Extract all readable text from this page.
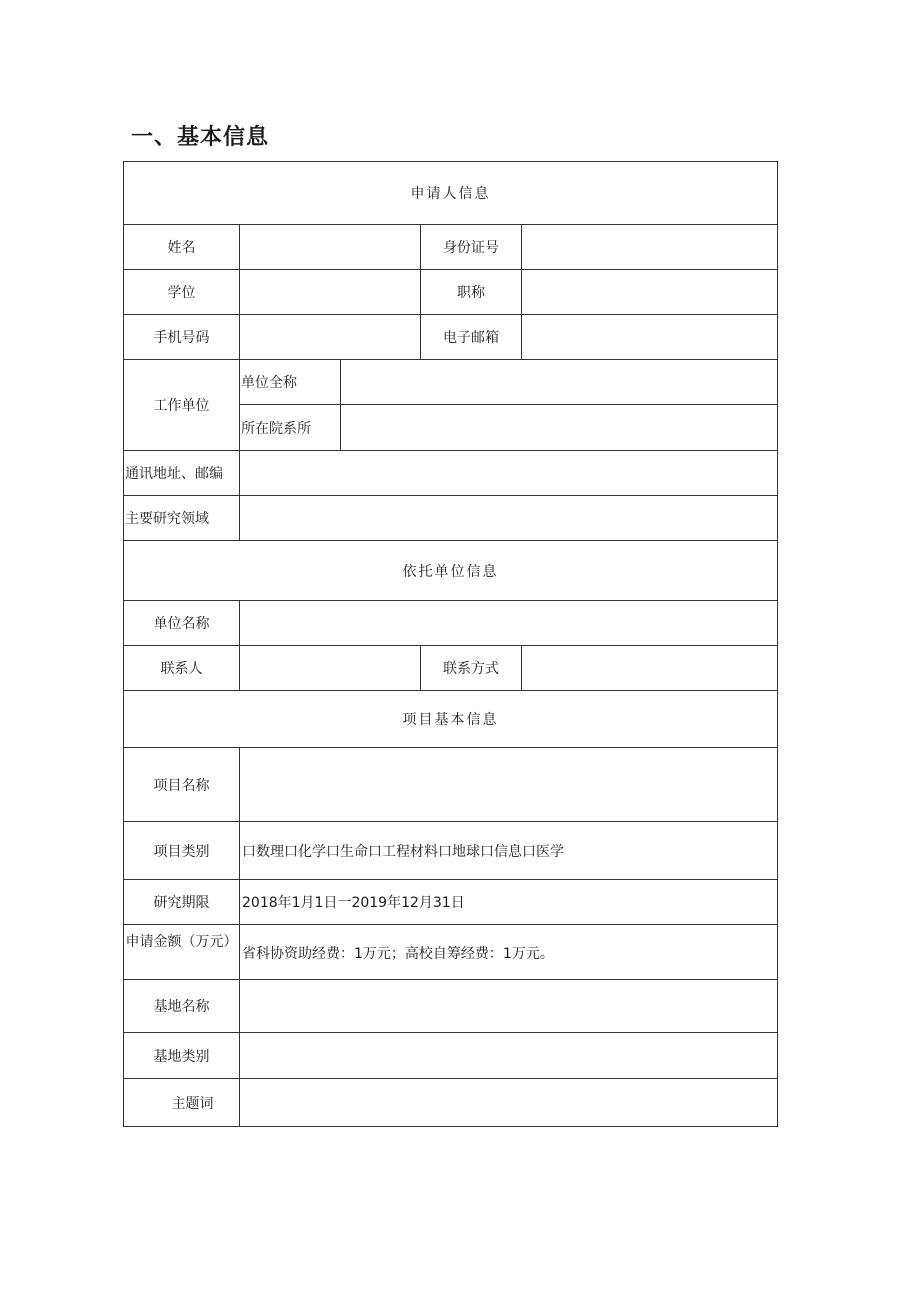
一、基本信息
申请人信息				
姓名			身份证号	
学位			职称	
手机号码			电子邮箱	
工作单位	单位全称			
	所在院系所			
通讯地址、邮编				
主要研究领域				
依托单位信息				
单位名称				
联系人			联系方式	
项目基本信息				
项目名称				
项目类别	口数理口化学口生命口工程材料口地球口信息口医学			
研究期限	2018年1月1日一2019年12月31日			
申请金额（万元）	省科协资助经费：1万元；高校自筹经费：1万元。			
基地名称				
基地类别				
主题词				
